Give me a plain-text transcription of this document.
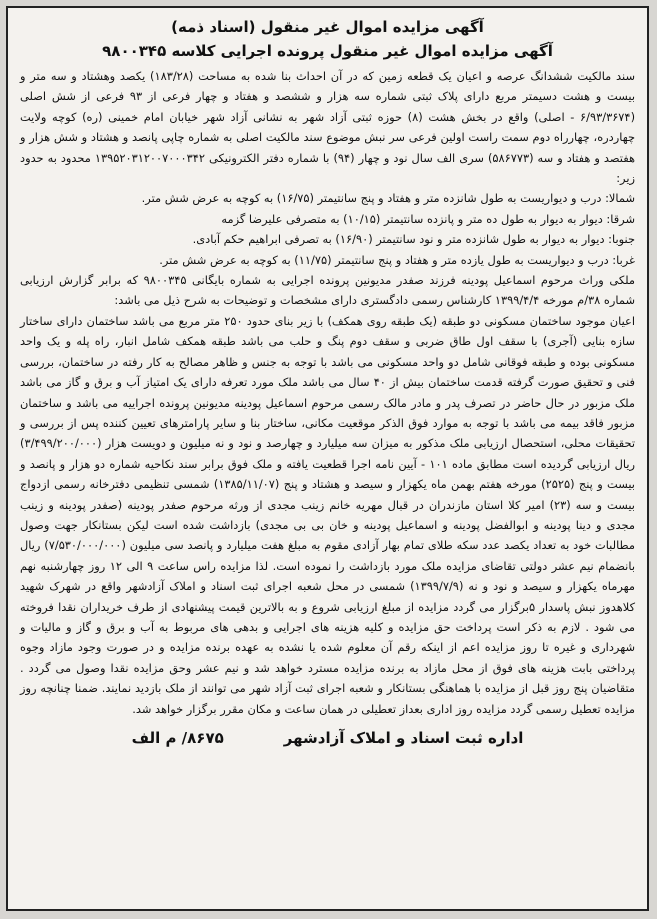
آگهی مزایده اموال غیر منقول (اسناد ذمه)

آگهی مزایده اموال غیر منقول پرونده اجرایی کلاسه ۹۸۰۰۳۴۵

سند مالکیت ششدانگ عرصه و اعیان یک قطعه زمین که در آن احداث بنا شده به مساحت (۱۸۳/۲۸) یکصد وهشتاد و سه متر و بیست و هشت دسیمتر مربع دارای پلاک ثبتی شماره سه هزار و ششصد و هفتاد و چهار فرعی از ۹۳ فرعی از شش اصلی (۶/۹۳/۳۶۷۴ - اصلی) واقع در بخش هشت (۸) حوزه ثبتی آزاد شهر به نشانی آزاد شهر خیابان امام خمینی (ره) کوچه ولایت چهاردره، چهارراه دوم سمت راست اولین فرعی سر نبش موضوع سند مالکیت اصلی به شماره چاپی پانصد و هشتاد و شش هزار و هفتصد و هفتاد و سه (۵۸۶۷۷۳) سری الف سال نود و چهار (۹۴) با شماره دفتر الکترونیکی ۱۳۹۵۲۰۳۱۲۰۰۷۰۰۰۳۴۲ محدود به حدود زیر:
شمالا: درب و دیواریست به طول شانزده متر و هفتاد و پنج سانتیمتر (۱۶/۷۵) به کوچه به عرض شش متر.
شرقا: دیوار به دیوار به طول ده متر و پانزده سانتیمتر (۱۰/۱۵) به متصرفی علیرضا گزمه
جنوبا: دیوار به دیوار به طول شانزده متر و نود سانتیمتر (۱۶/۹۰) به تصرفی ابراهیم حکم آبادی.
غربا: درب و دیواریست به طول یازده متر و هفتاد و پنج سانتیمتر (۱۱/۷۵) به کوچه به عرض شش متر.
ملکی وراث مرحوم اسماعیل پودینه فرزند صفدر مدیونین پرونده اجرایی به شماره بایگانی ۹۸۰۰۳۴۵ که برابر گزارش ارزیابی شماره ۳۸/م مورخه ۱۳۹۹/۴/۴ کارشناس رسمی دادگستری دارای مشخصات و توضیحات به شرح ذیل می باشد:
اعیان موجود ساختمان مسکونی دو طبقه (یک طبقه روی همکف) با زیر بنای حدود ۲۵۰ متر مربع می باشد ساختمان دارای ساختار سازه بنایی (آجری) با سقف اول طاق ضربی و سقف دوم پنگ و حلب می باشد طبقه همکف شامل انبار، راه پله و یک واحد مسکونی بوده و طبقه فوقانی شامل دو واحد مسکونی می باشد با توجه به جنس و ظاهر مصالح به کار رفته در ساختمان، بررسی فنی و تحقیق صورت گرفته قدمت ساختمان بیش از ۴۰ سال می باشد ملک مورد تعرفه دارای یک امتیاز آب و برق و گاز می باشد ملک مزبور در حال حاضر در تصرف پدر و مادر مالک رسمی مرحوم اسماعیل پودینه مدیونین پرونده اجراییه می باشد و ساختمان مزبور فاقد بیمه می باشد با توجه به موارد فوق الذکر موقعیت مکانی، ساختار بنا و سایر پارامترهای تعیین کننده پس از بررسی و تحقیقات محلی، استحصال ارزیابی ملک مذکور به میزان سه میلیارد و چهارصد و نود و نه میلیون و دویست هزار (۳/۴۹۹/۲۰۰/۰۰۰) ریال ارزیابی گردیده است مطابق ماده ۱۰۱ - آیین نامه اجرا قطعیت یافته و ملک فوق برابر سند نکاحیه شماره دو هزار و پانصد و بیست و پنج (۲۵۲۵) مورخه هفتم بهمن ماه یکهزار و سیصد و هشتاد و پنج (۱۳۸۵/۱۱/۰۷) شمسی تنظیمی دفترخانه رسمی ازدواج بیست و سه (۲۳) امیر کلا استان مازندران در قبال مهریه خانم زینب مجدی از ورثه مرحوم صفدر پودینه (صفدر پودینه و زینب مجدی و دینا پودینه و ابوالفضل پودینه و اسماعیل پودینه و خان بی بی مجدی) بازداشت شده است لیکن بستانکار جهت وصول مطالبات خود به تعداد یکصد عدد سکه طلای تمام بهار آزادی مقوم به مبلغ هفت میلیارد و پانصد سی میلیون (۷/۵۳۰/۰۰۰/۰۰۰) ریال بانضمام نیم عشر دولتی تقاضای مزایده ملک مورد بازداشت را نموده است. لذا مزایده راس ساعت ۹ الی ۱۲ روز چهارشنبه نهم مهرماه یکهزار و سیصد و نود و نه (۱۳۹۹/۷/۹) شمسی در محل شعبه اجرای ثبت اسناد و املاک آزادشهر واقع در شهرک شهید کلاهدوز نبش پاسدار ۵برگزار می گردد مزایده از مبلغ ارزیابی شروع و به بالاترین قیمت پیشنهادی از طرف خریداران نقدا فروخته می شود . لازم به ذکر است پرداخت حق مزایده و کلیه هزینه های اجرایی و بدهی های مربوط به آب و برق و گاز و مالیات و شهرداری و غیره تا روز مزایده اعم از اینکه رقم آن معلوم شده یا نشده به عهده برنده مزایده و در صورت وجود مازاد وجوه پرداختی بابت هزینه های فوق از محل مازاد به برنده مزایده مسترد خواهد شد و نیم عشر وحق مزایده نقدا وصول می گردد . متقاضیان پنج روز قبل از مزایده با هماهنگی بستانکار و شعبه اجرای ثبت آزاد شهر می توانند از ملک بازدید نمایند. ضمنا چنانچه روز مزایده تعطیل رسمی گردد مزایده روز اداری بعداز تعطیلی در همان ساعت و مکان مقرر برگزار خواهد شد.
اداره ثبت اسناد و املاک آزادشهر
۸۶۷۵/ م الف
